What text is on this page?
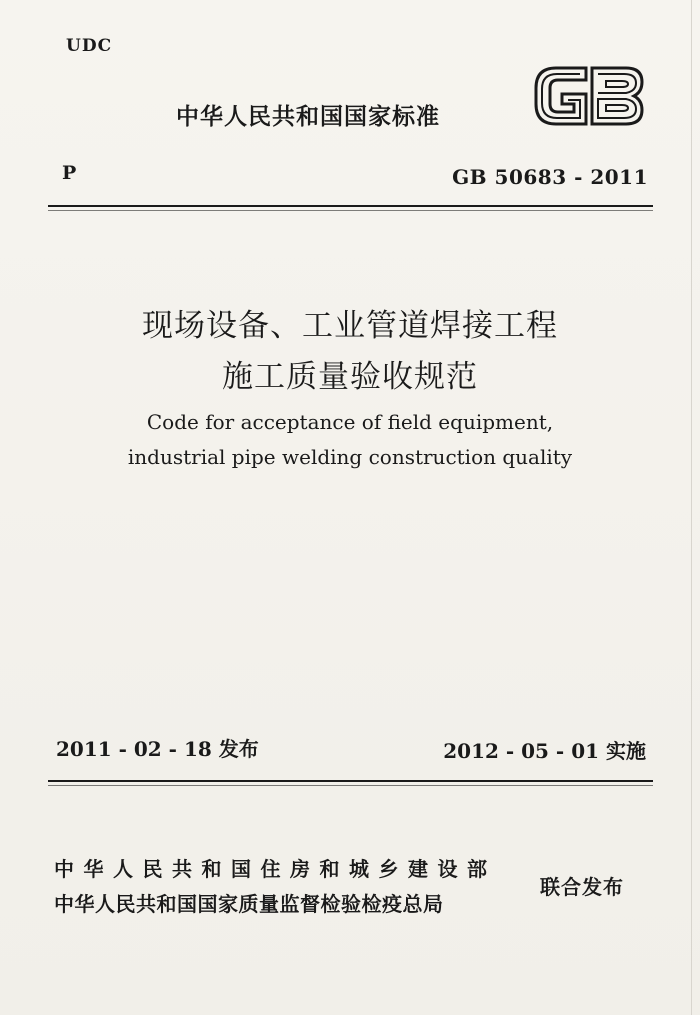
UDC
中华人民共和国国家标准
P	GB 50683 - 2011
现场设备、工业管道焊接工程
施工质量验收规范
Code for acceptance of field equipment,
industrial pipe welding construction quality
2011 - 02 - 18 发布	2012 - 05 - 01 实施
中华人民共和国住房和城乡建设部
中华人民共和国国家质量监督检验检疫总局
联合发布
